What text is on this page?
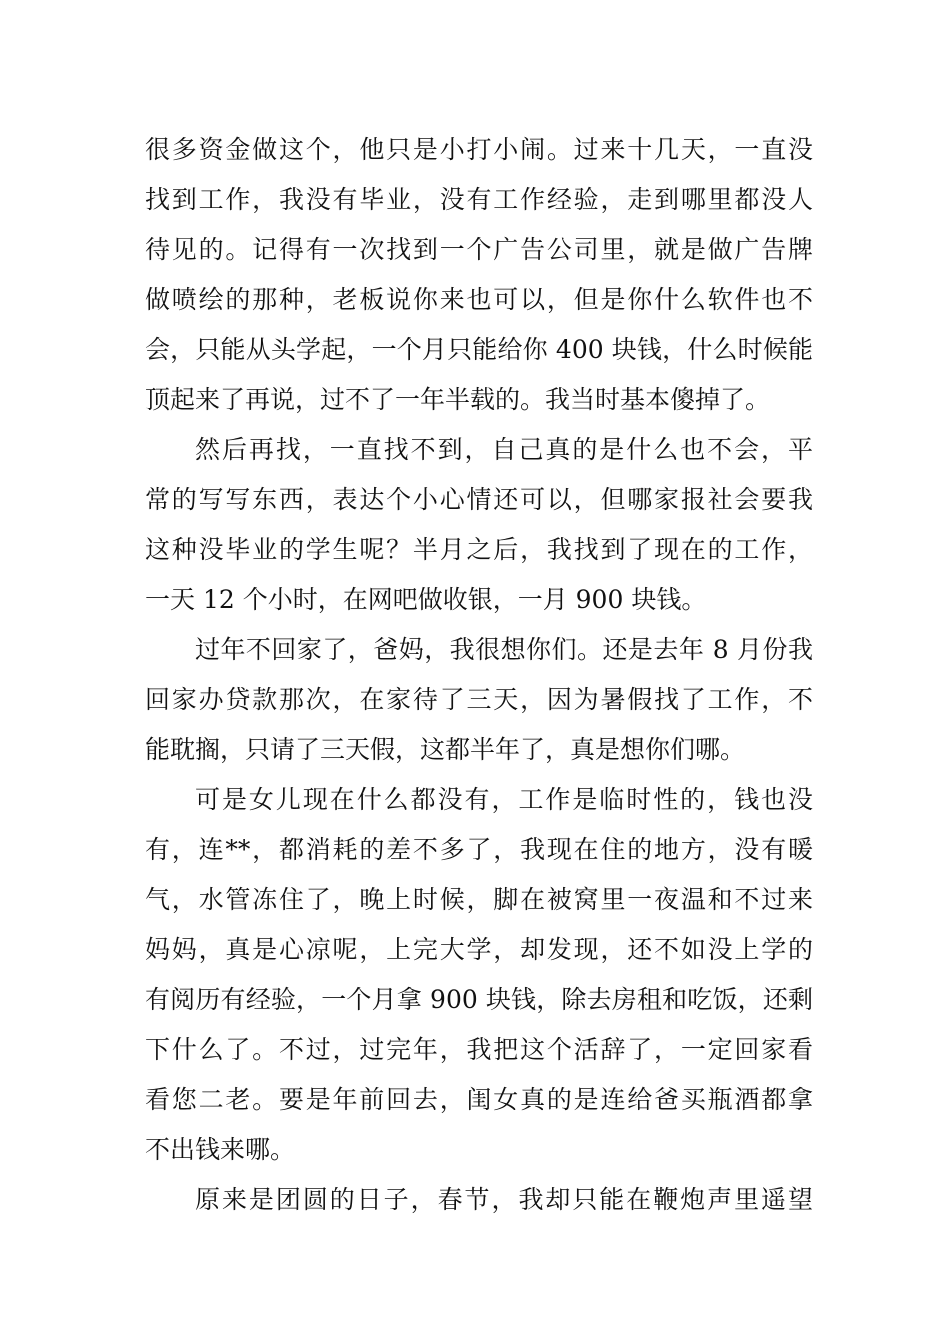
很多资金做这个，他只是小打小闹。过来十几天，一直没
找到工作，我没有毕业，没有工作经验，走到哪里都没人
待见的。记得有一次找到一个广告公司里，就是做广告牌
做喷绘的那种，老板说你来也可以，但是你什么软件也不
会，只能从头学起，一个月只能给你 400 块钱，什么时候能
顶起来了再说，过不了一年半载的。我当时基本傻掉了。
然后再找，一直找不到，自己真的是什么也不会，平
常的写写东西，表达个小心情还可以，但哪家报社会要我
这种没毕业的学生呢？半月之后，我找到了现在的工作，
一天 12 个小时，在网吧做收银，一月 900 块钱。
过年不回家了，爸妈，我很想你们。还是去年 8 月份我
回家办贷款那次，在家待了三天，因为暑假找了工作，不
能耽搁，只请了三天假，这都半年了，真是想你们哪。
可是女儿现在什么都没有，工作是临时性的，钱也没
有，连**，都消耗的差不多了，我现在住的地方，没有暖
气，水管冻住了，晚上时候，脚在被窝里一夜温和不过来
妈妈，真是心凉呢，上完大学，却发现，还不如没上学的
有阅历有经验，一个月拿 900 块钱，除去房租和吃饭，还剩
下什么了。不过，过完年，我把这个活辞了，一定回家看
看您二老。要是年前回去，闺女真的是连给爸买瓶酒都拿
不出钱来哪。
原来是团圆的日子，春节，我却只能在鞭炮声里遥望
